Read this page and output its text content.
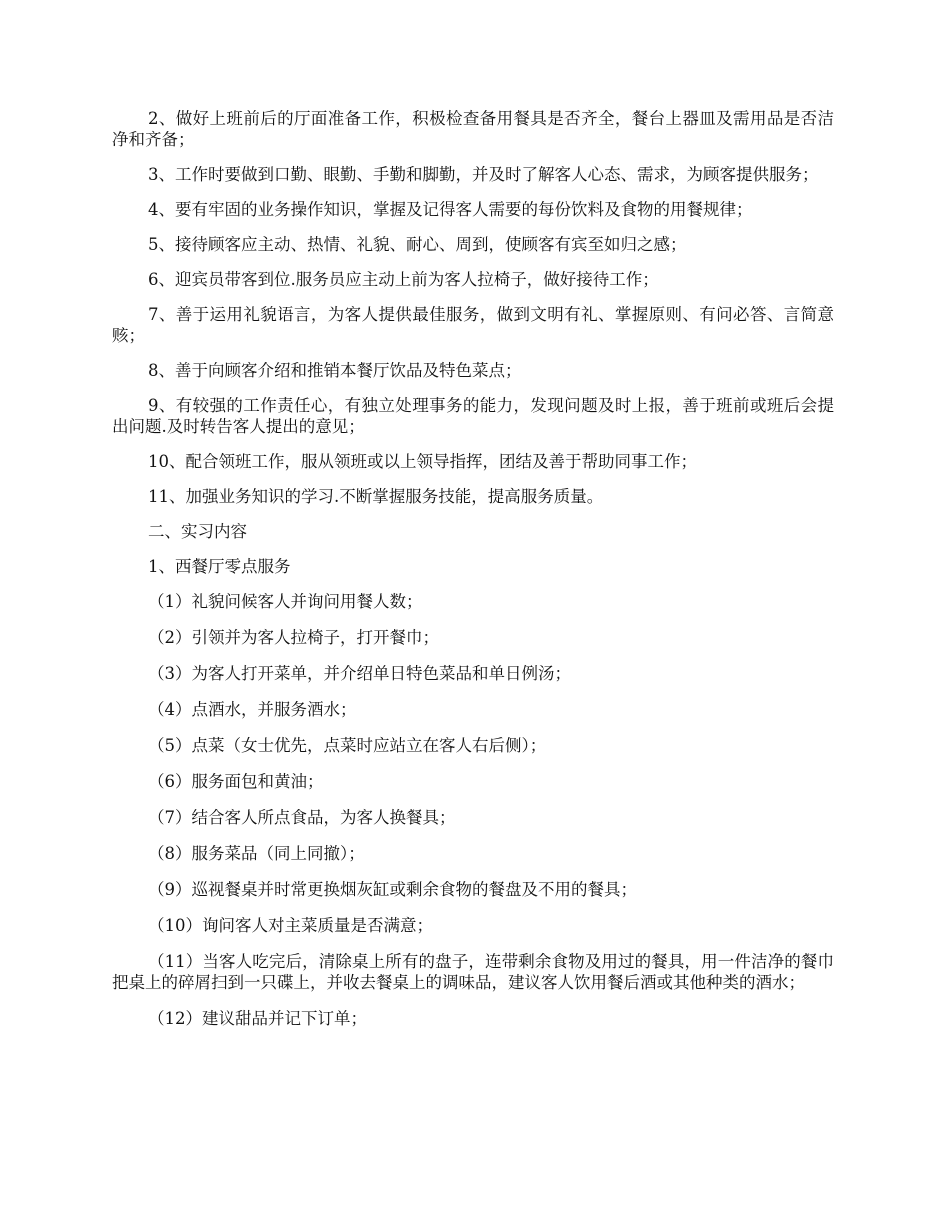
2、做好上班前后的厅面准备工作，积极检查备用餐具是否齐全，餐台上器皿及需用品是否洁净和齐备；

3、工作时要做到口勤、眼勤、手勤和脚勤，并及时了解客人心态、需求，为顾客提供服务；

4、要有牢固的业务操作知识，掌握及记得客人需要的每份饮料及食物的用餐规律；

5、接待顾客应主动、热情、礼貌、耐心、周到，使顾客有宾至如归之感；

6、迎宾员带客到位.服务员应主动上前为客人拉椅子，做好接待工作；

7、善于运用礼貌语言，为客人提供最佳服务，做到文明有礼、掌握原则、有问必答、言简意赅；

8、善于向顾客介绍和推销本餐厅饮品及特色菜点；

9、有较强的工作责任心，有独立处理事务的能力，发现问题及时上报，善于班前或班后会提出问题.及时转告客人提出的意见；

10、配合领班工作，服从领班或以上领导指挥，团结及善于帮助同事工作；

11、加强业务知识的学习.不断掌握服务技能，提高服务质量。

二、实习内容

1、西餐厅零点服务

（1）礼貌问候客人并询问用餐人数；

（2）引领并为客人拉椅子，打开餐巾；

（3）为客人打开菜单，并介绍单日特色菜品和单日例汤；

（4）点酒水，并服务酒水；

（5）点菜（女士优先，点菜时应站立在客人右后侧）；

（6）服务面包和黄油；

（7）结合客人所点食品，为客人换餐具；

（8）服务菜品（同上同撤）；

（9）巡视餐桌并时常更换烟灰缸或剩余食物的餐盘及不用的餐具；

（10）询问客人对主菜质量是否满意；

（11）当客人吃完后，清除桌上所有的盘子，连带剩余食物及用过的餐具，用一件洁净的餐巾把桌上的碎屑扫到一只碟上，并收去餐桌上的调味品，建议客人饮用餐后酒或其他种类的酒水；

（12）建议甜品并记下订单；
